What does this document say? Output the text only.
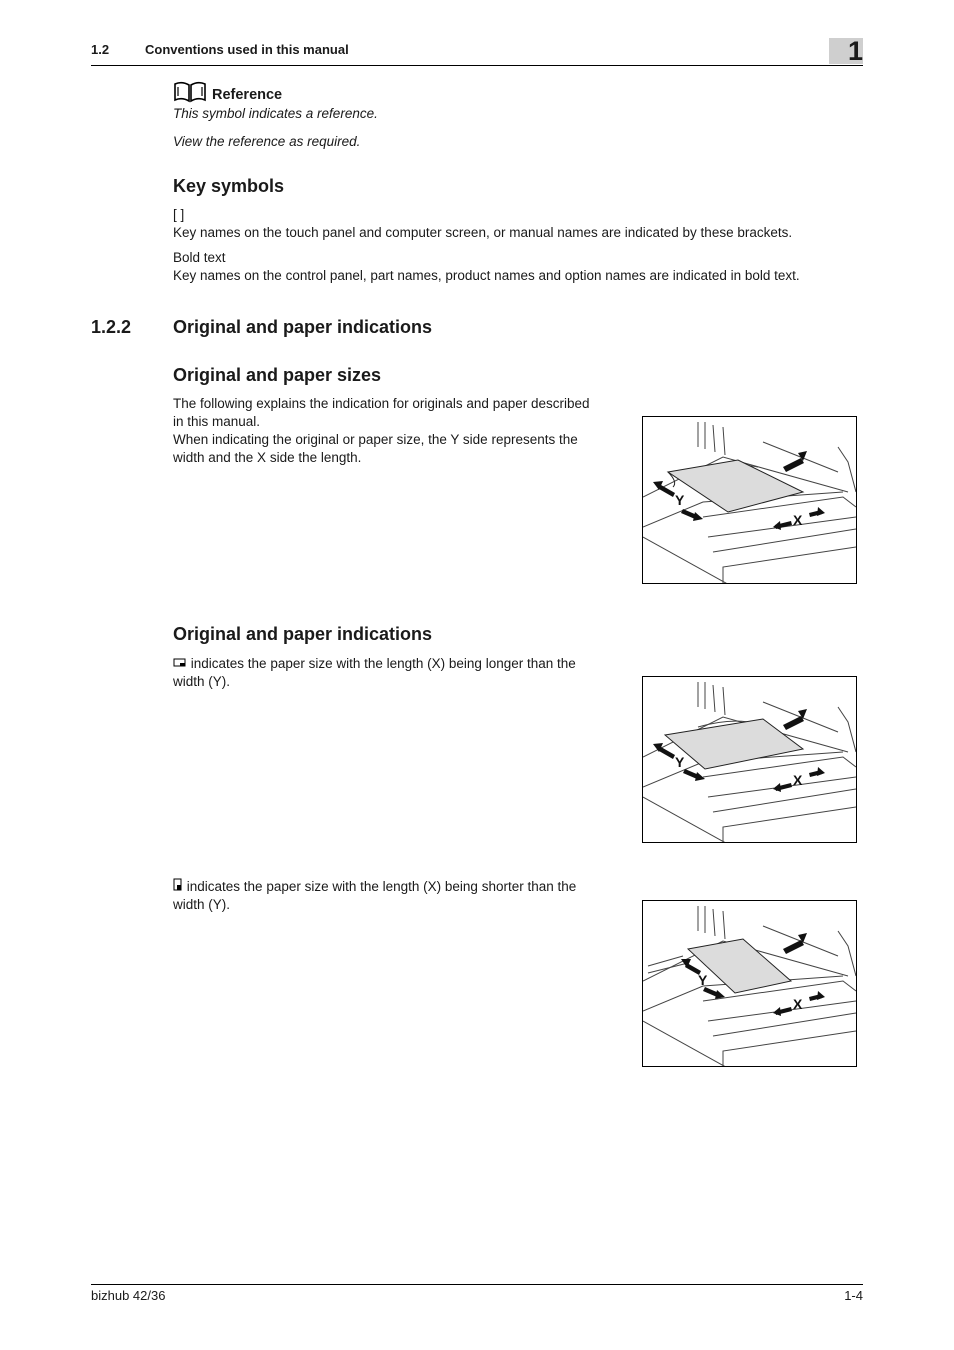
1.2	Conventions used in this manual	1
Reference
This symbol indicates a reference.
View the reference as required.
Key symbols
[ ]
Key names on the touch panel and computer screen, or manual names are indicated by these brackets.
Bold text
Key names on the control panel, part names, product names and option names are indicated in bold text.
1.2.2 Original and paper indications
Original and paper sizes
The following explains the indication for originals and paper described
in this manual.
When indicating the original or paper size, the Y side represents the
width and the X side the length.
Y
X
Original and paper indications
indicates the paper size with the length (X) being longer than the
width (Y).
Y
X
indicates the paper size with the length (X) being shorter than the
width (Y).
Y
X
bizhub 42/36	1-4
